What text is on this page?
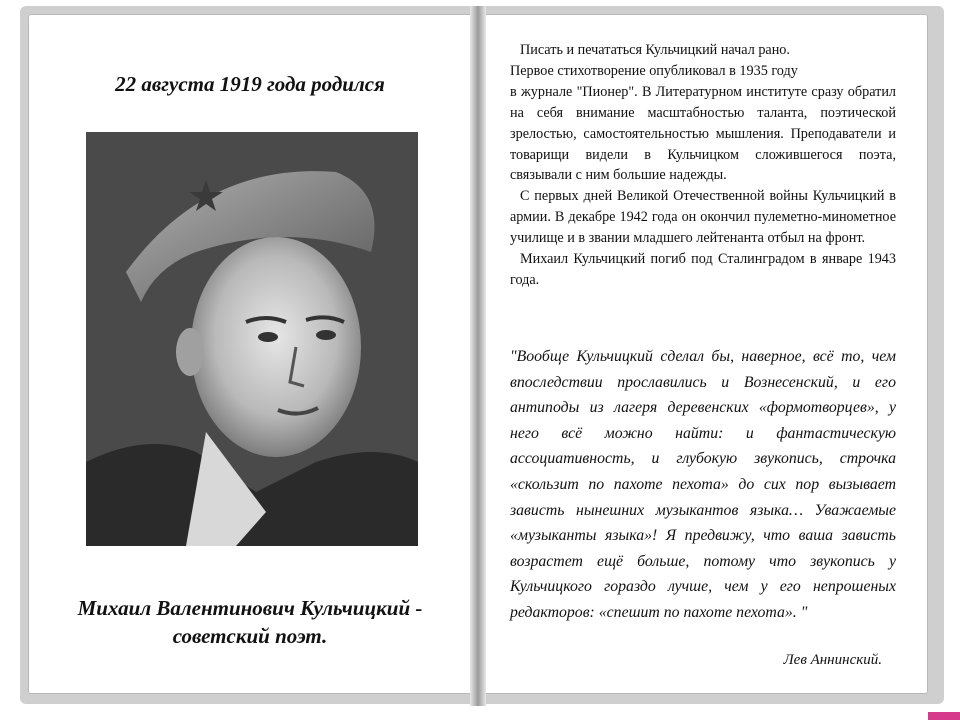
22 августа 1919 года родился
Михаил Валентинович Кульчицкий -
советский поэт.

Писать и печататься Кульчицкий начал рано.
Первое стихотворение опубликовал в 1935 году
в журнале "Пионер". В Литературном институте сразу обратил на себя внимание масштабностью таланта, поэтической зрелостью, самостоятельностью мышления. Преподаватели и товарищи видели в Кульчицком сложившегося поэта, связывали с ним большие надежды.

С первых дней Великой Отечественной войны Кульчицкий в армии. В декабре 1942 года он окончил пулеметно-минометное училище и в звании младшего лейтенанта отбыл на фронт.

Михаил Кульчицкий погиб под Сталинградом в январе 1943 года.

"Вообще Кульчицкий сделал бы, наверное, всё то, чем впоследствии прославились и Вознесенский, и его антиподы из лагеря деревенских «формотворцев», у него всё можно найти: и фантастическую ассоциативность, и глубокую звукопись, строчка «скользит по пахоте пехота» до сих пор вызывает зависть нынешних музыкантов языка… Уважаемые «музыканты языка»! Я предвижу, что ваша зависть возрастет ещё больше, потому что звукопись у Кульчицкого гораздо лучше, чем у его непрошеных редакторов: «спешит по пахоте пехота». "

Лев Аннинский.
